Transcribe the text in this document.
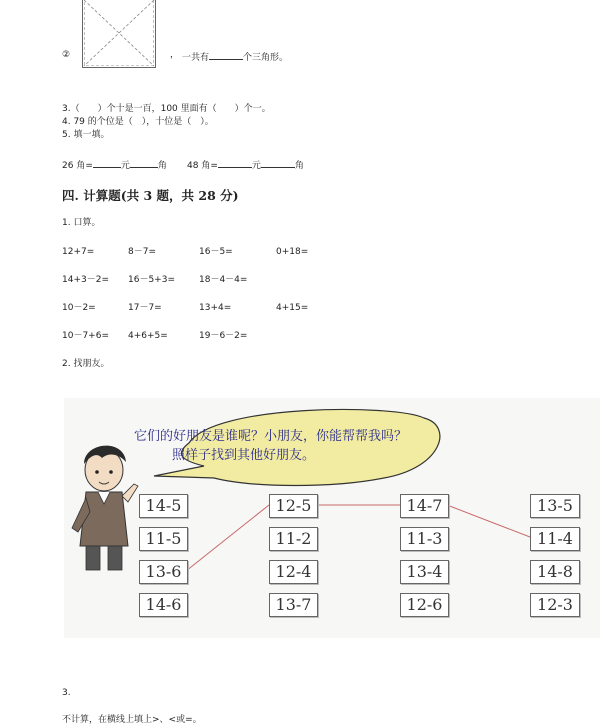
②	， 一共有	个三角形。
3.（　　）个十是一百，100 里面有（　　）个一。
4. 79 的个位是（　），十位是（　）。
5. 填一填。
26 角=	元	角 48 角=	元	角
四. 计算题(共 3 题，共 28 分)
1. 口算。
12+7=	8－7=	16－5=	0+18=
14+3－2= 16－5+3=	18－4－4=
10－2=	17－7=	13+4=	4+15=
10－7+6= 4+6+5=	19－6－2=
2. 找朋友。
它们的好朋友是谁呢？小朋友，你能帮帮我吗？
照样子找到其他好朋友。
14-5
11-5
13-6
14-6
12-5
11-2
12-4
13-7
14-7
11-3
13-4
12-6
13-5
11-4
14-8
12-3
3.
不计算，在横线上填上>、<或=。
